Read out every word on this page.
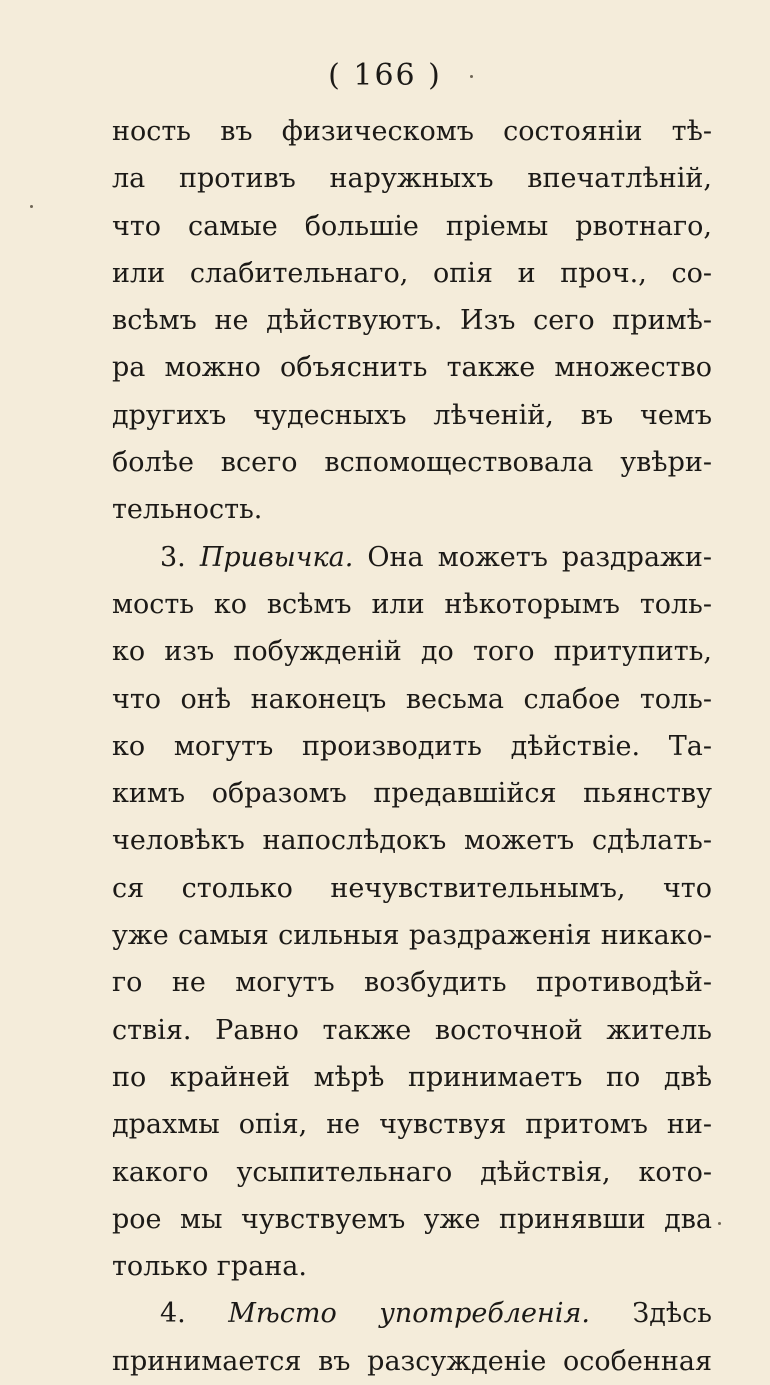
( 166 )
ность въ физическомъ состоянiи тѣ-
ла противъ наружныхъ впечатлѣнiй,
что самые большiе прiемы рвотнаго,
или слабительнаго, опiя и проч., со-
всѣмъ не дѣйствуютъ. Изъ сего примѣ-
ра можно объяснить также множество
другихъ чудесныхъ лѣченiй, въ чемъ
болѣе всего вспомоществовала увѣри-
тельность.
3. Привычка. Она можетъ раздражи-
мость ко всѣмъ или нѣкоторымъ толь-
ко изъ побужденiй до того притупить,
что онѣ наконецъ весьма слабое толь-
ко могутъ производить дѣйствiе. Та-
кимъ образомъ предавшiйся пьянству
человѣкъ напослѣдокъ можетъ сдѣлать-
ся столько нечувствительнымъ, что
уже самыя сильныя раздраженiя никако-
го не могутъ возбудить противодѣй-
ствiя. Равно также восточной житель
по крайней мѣрѣ принимаетъ по двѣ
драхмы опiя, не чувствуя притомъ ни-
какого усыпительнаго дѣйствiя, кото-
рое мы чувствуемъ уже принявши два
только грана.
4. Мѣсто употребленiя. Здѣсь
принимается въ разсужденiе особенная
